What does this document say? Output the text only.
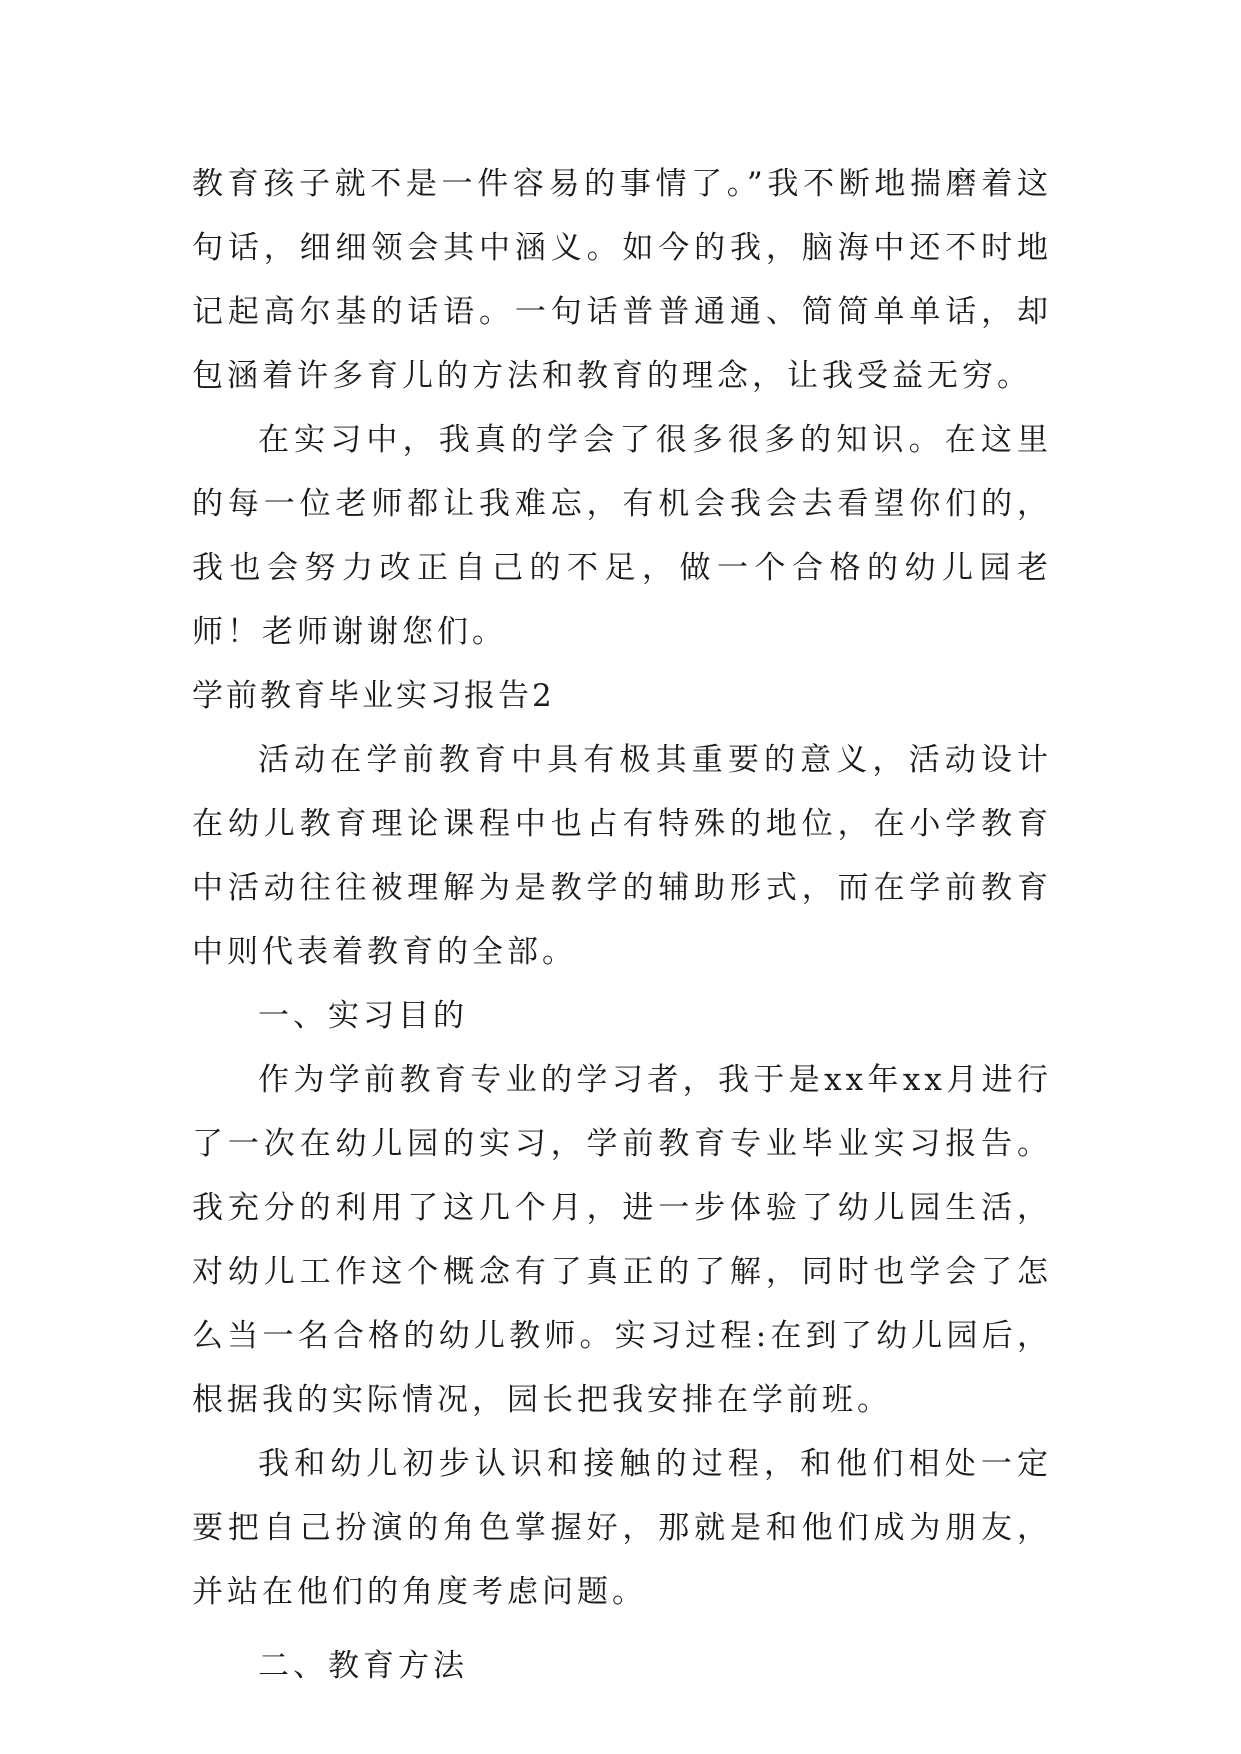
教育孩子就不是一件容易的事情了。”我不断地揣磨着这句话，细细领会其中涵义。如今的我，脑海中还不时地记起高尔基的话语。一句话普普通通、简简单单话，却包涵着许多育儿的方法和教育的理念，让我受益无穷。

在实习中，我真的学会了很多很多的知识。在这里的每一位老师都让我难忘，有机会我会去看望你们的，我也会努力改正自己的不足，做一个合格的幼儿园老师！老师谢谢您们。

学前教育毕业实习报告2

活动在学前教育中具有极其重要的意义，活动设计在幼儿教育理论课程中也占有特殊的地位，在小学教育中活动往往被理解为是教学的辅助形式，而在学前教育中则代表着教育的全部。

一、实习目的

作为学前教育专业的学习者，我于是xx年xx月进行了一次在幼儿园的实习，学前教育专业毕业实习报告。我充分的利用了这几个月，进一步体验了幼儿园生活，对幼儿工作这个概念有了真正的了解，同时也学会了怎么当一名合格的幼儿教师。实习过程:在到了幼儿园后，根据我的实际情况，园长把我安排在学前班。

我和幼儿初步认识和接触的过程，和他们相处一定要把自己扮演的角色掌握好，那就是和他们成为朋友，并站在他们的角度考虑问题。

二、教育方法
